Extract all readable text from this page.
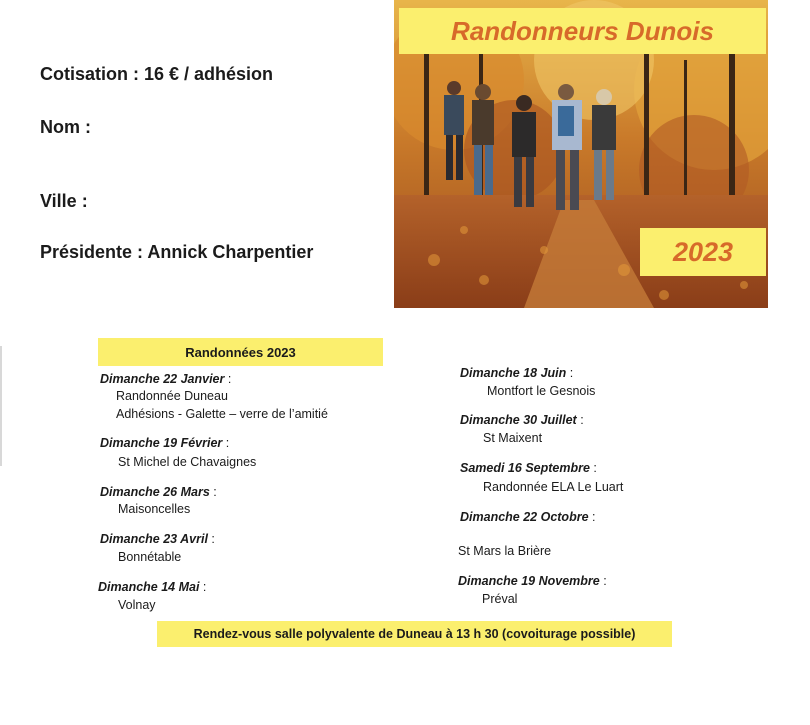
Cotisation : 16 € / adhésion
Nom :
Ville :
Présidente : Annick Charpentier
Randonneurs Dunois
2023
Randonnées 2023
Dimanche 22 Janvier :
Randonnée Duneau
Adhésions - Galette – verre de l’amitié
Dimanche 19 Février :
St Michel de Chavaignes
Dimanche 26 Mars :
Maisoncelles
Dimanche 23 Avril :
Bonnétable
Dimanche 14 Mai :
Volnay
Dimanche 18 Juin :
Montfort le Gesnois
Dimanche 30 Juillet :
St Maixent
Samedi 16 Septembre :
Randonnée ELA Le Luart
Dimanche 22 Octobre :
St Mars la Brière
Dimanche 19 Novembre :
Préval
Rendez-vous salle polyvalente de Duneau à 13 h 30 (covoiturage possible)
